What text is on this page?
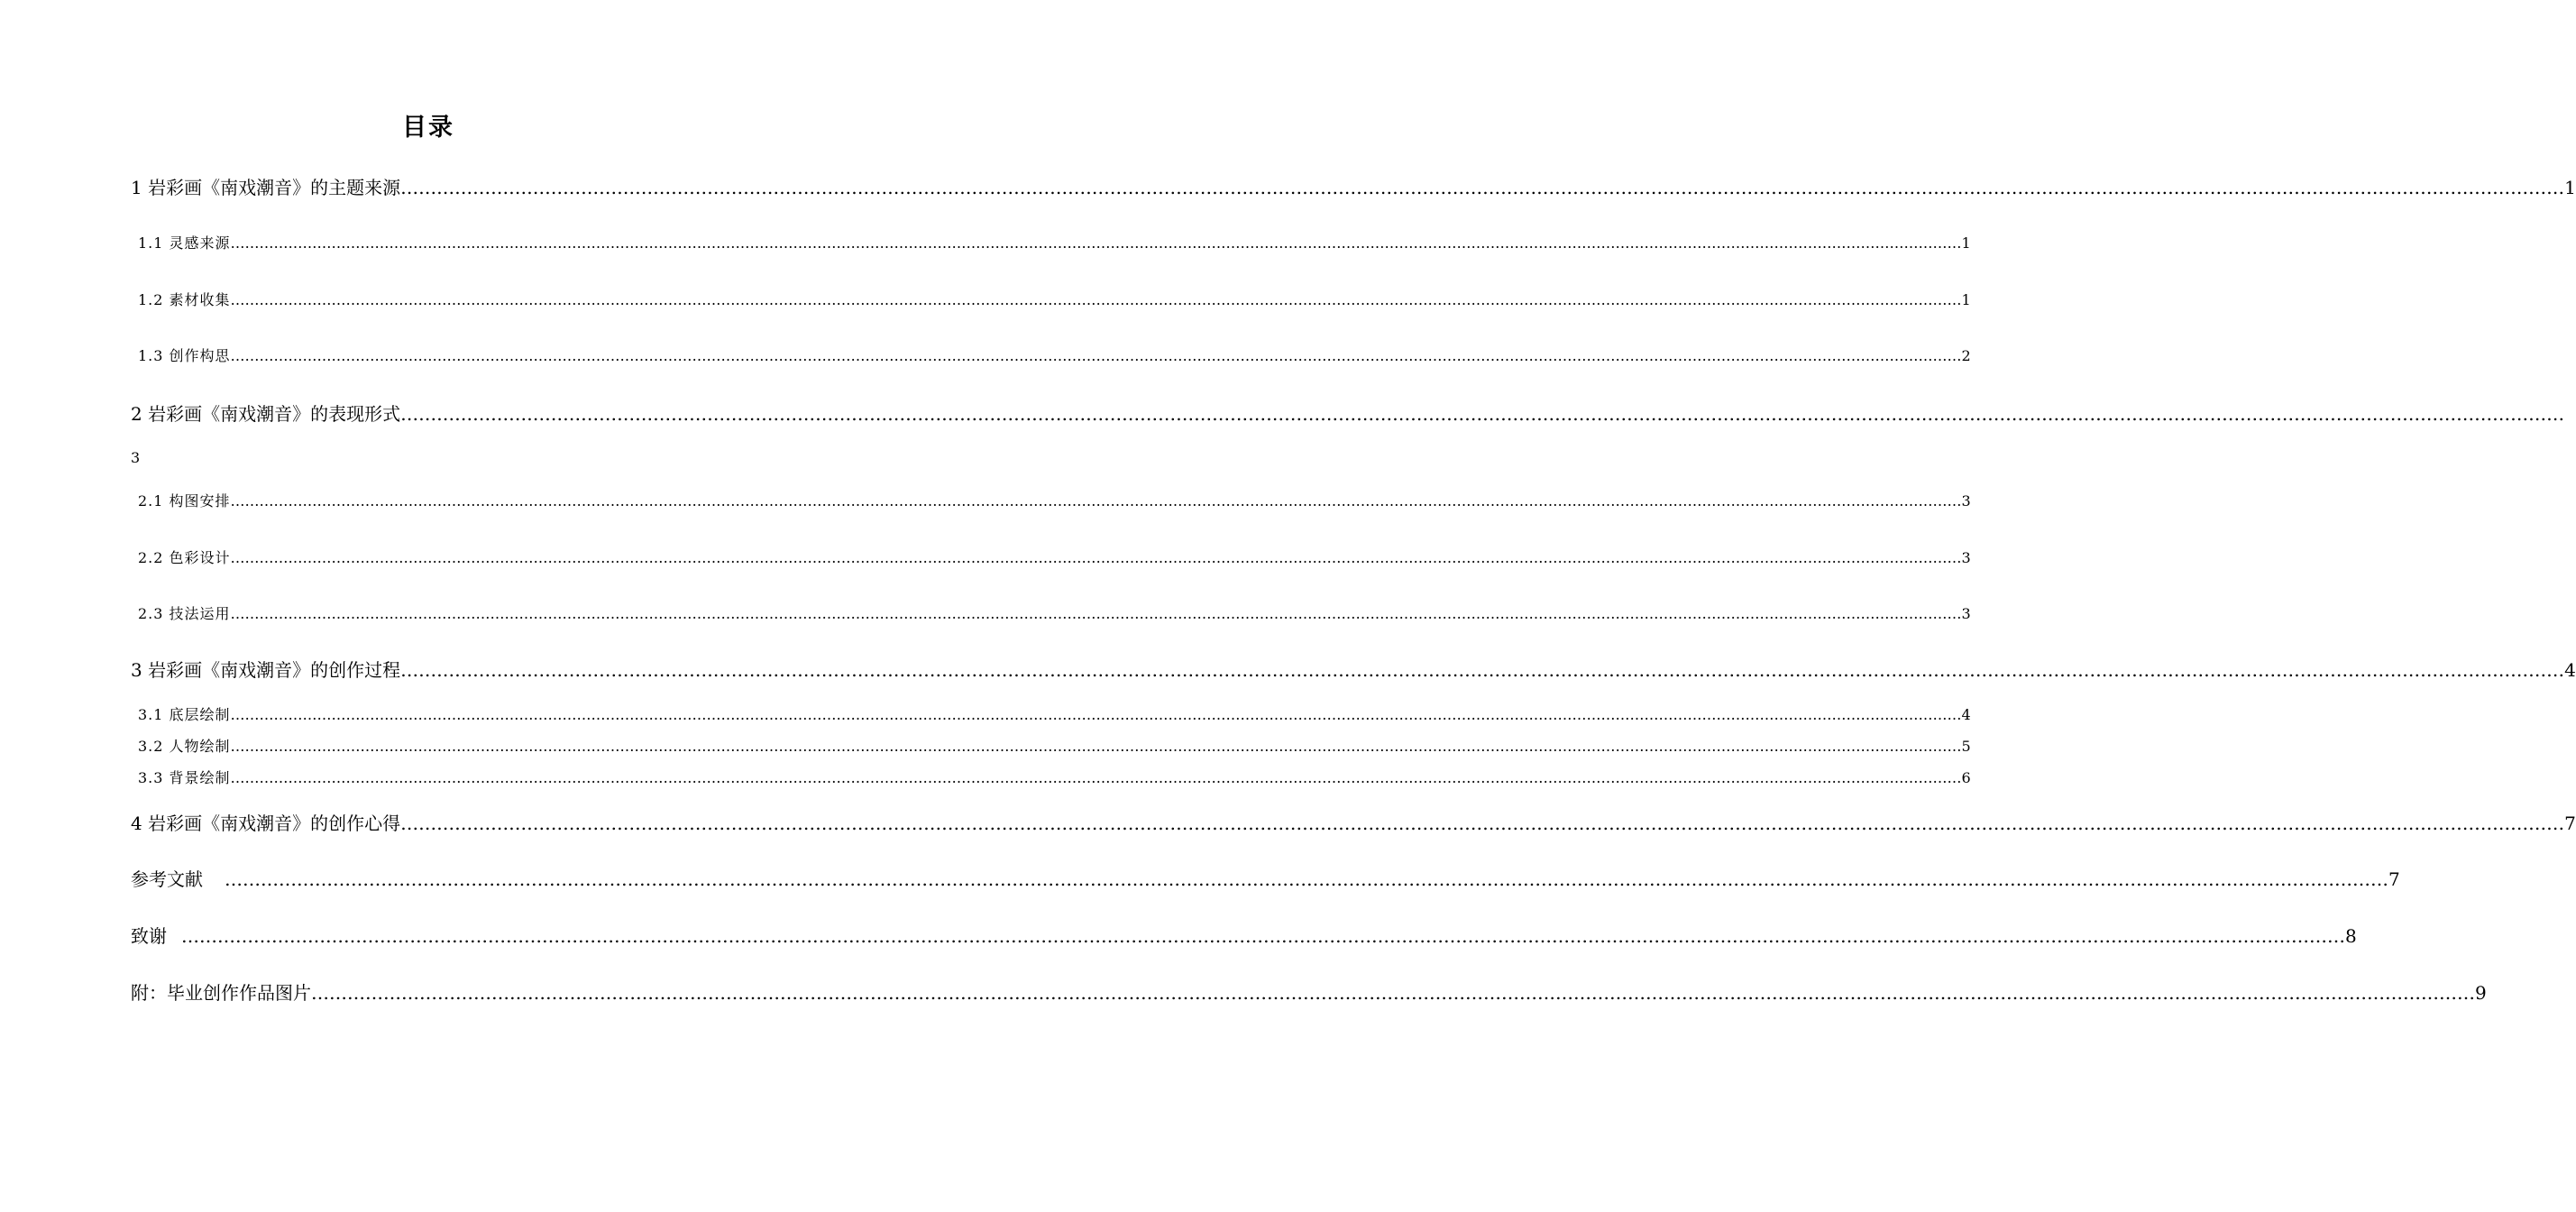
目录
1 岩彩画《南戏潮音》的主题来源 ……………………………………………………………………………………………………………………………………………………………………………………………………………………………………………………………………………………………………………………………… 1
1.1 灵感来源 ……………………………………………………………………………………………………………………………………………………………………………………………………………………………………………………………………………………………………………………………… 1
1.2 素材收集 ……………………………………………………………………………………………………………………………………………………………………………………………………………………………………………………………………………………………………………………………… 1
1.3 创作构思 ……………………………………………………………………………………………………………………………………………………………………………………………………………………………………………………………………………………………………………………………… 2
2 岩彩画《南戏潮音》的表现形式………………………………………………………………………………………………………………………………………………………………………………………………………………………………………………………………………………………………………………………………
3
2.1 构图安排 ……………………………………………………………………………………………………………………………………………………………………………………………………………………………………………………………………………………………………………………………… 3
2.2 色彩设计 ……………………………………………………………………………………………………………………………………………………………………………………………………………………………………………………………………………………………………………………………… 3
2.3 技法运用 ……………………………………………………………………………………………………………………………………………………………………………………………………………………………………………………………………………………………………………………………… 3
3 岩彩画《南戏潮音》的创作过程 ……………………………………………………………………………………………………………………………………………………………………………………………………………………………………………………………………………………………………………………………… 4
3.1 底层绘制 ……………………………………………………………………………………………………………………………………………………………………………………………………………………………………………………………………………………………………………………………… 4
3.2 人物绘制 ……………………………………………………………………………………………………………………………………………………………………………………………………………………………………………………………………………………………………………………………… 5
3.3 背景绘制 ……………………………………………………………………………………………………………………………………………………………………………………………………………………………………………………………………………………………………………………………… 6
4 岩彩画《南戏潮音》的创作心得 ……………………………………………………………………………………………………………………………………………………………………………………………………………………………………………………………………………………………………………………………… 7
参考文献	……………………………………………………………………………………………………………………………………………………………………………………………………………………………………………………………………………………………………………………………… 7
致谢 ……………………………………………………………………………………………………………………………………………………………………………………………………………………………………………………………………………………………………………………………… 8
附：毕业创作作品图片 ……………………………………………………………………………………………………………………………………………………………………………………………………………………………………………………………………………………………………………………………… 9
